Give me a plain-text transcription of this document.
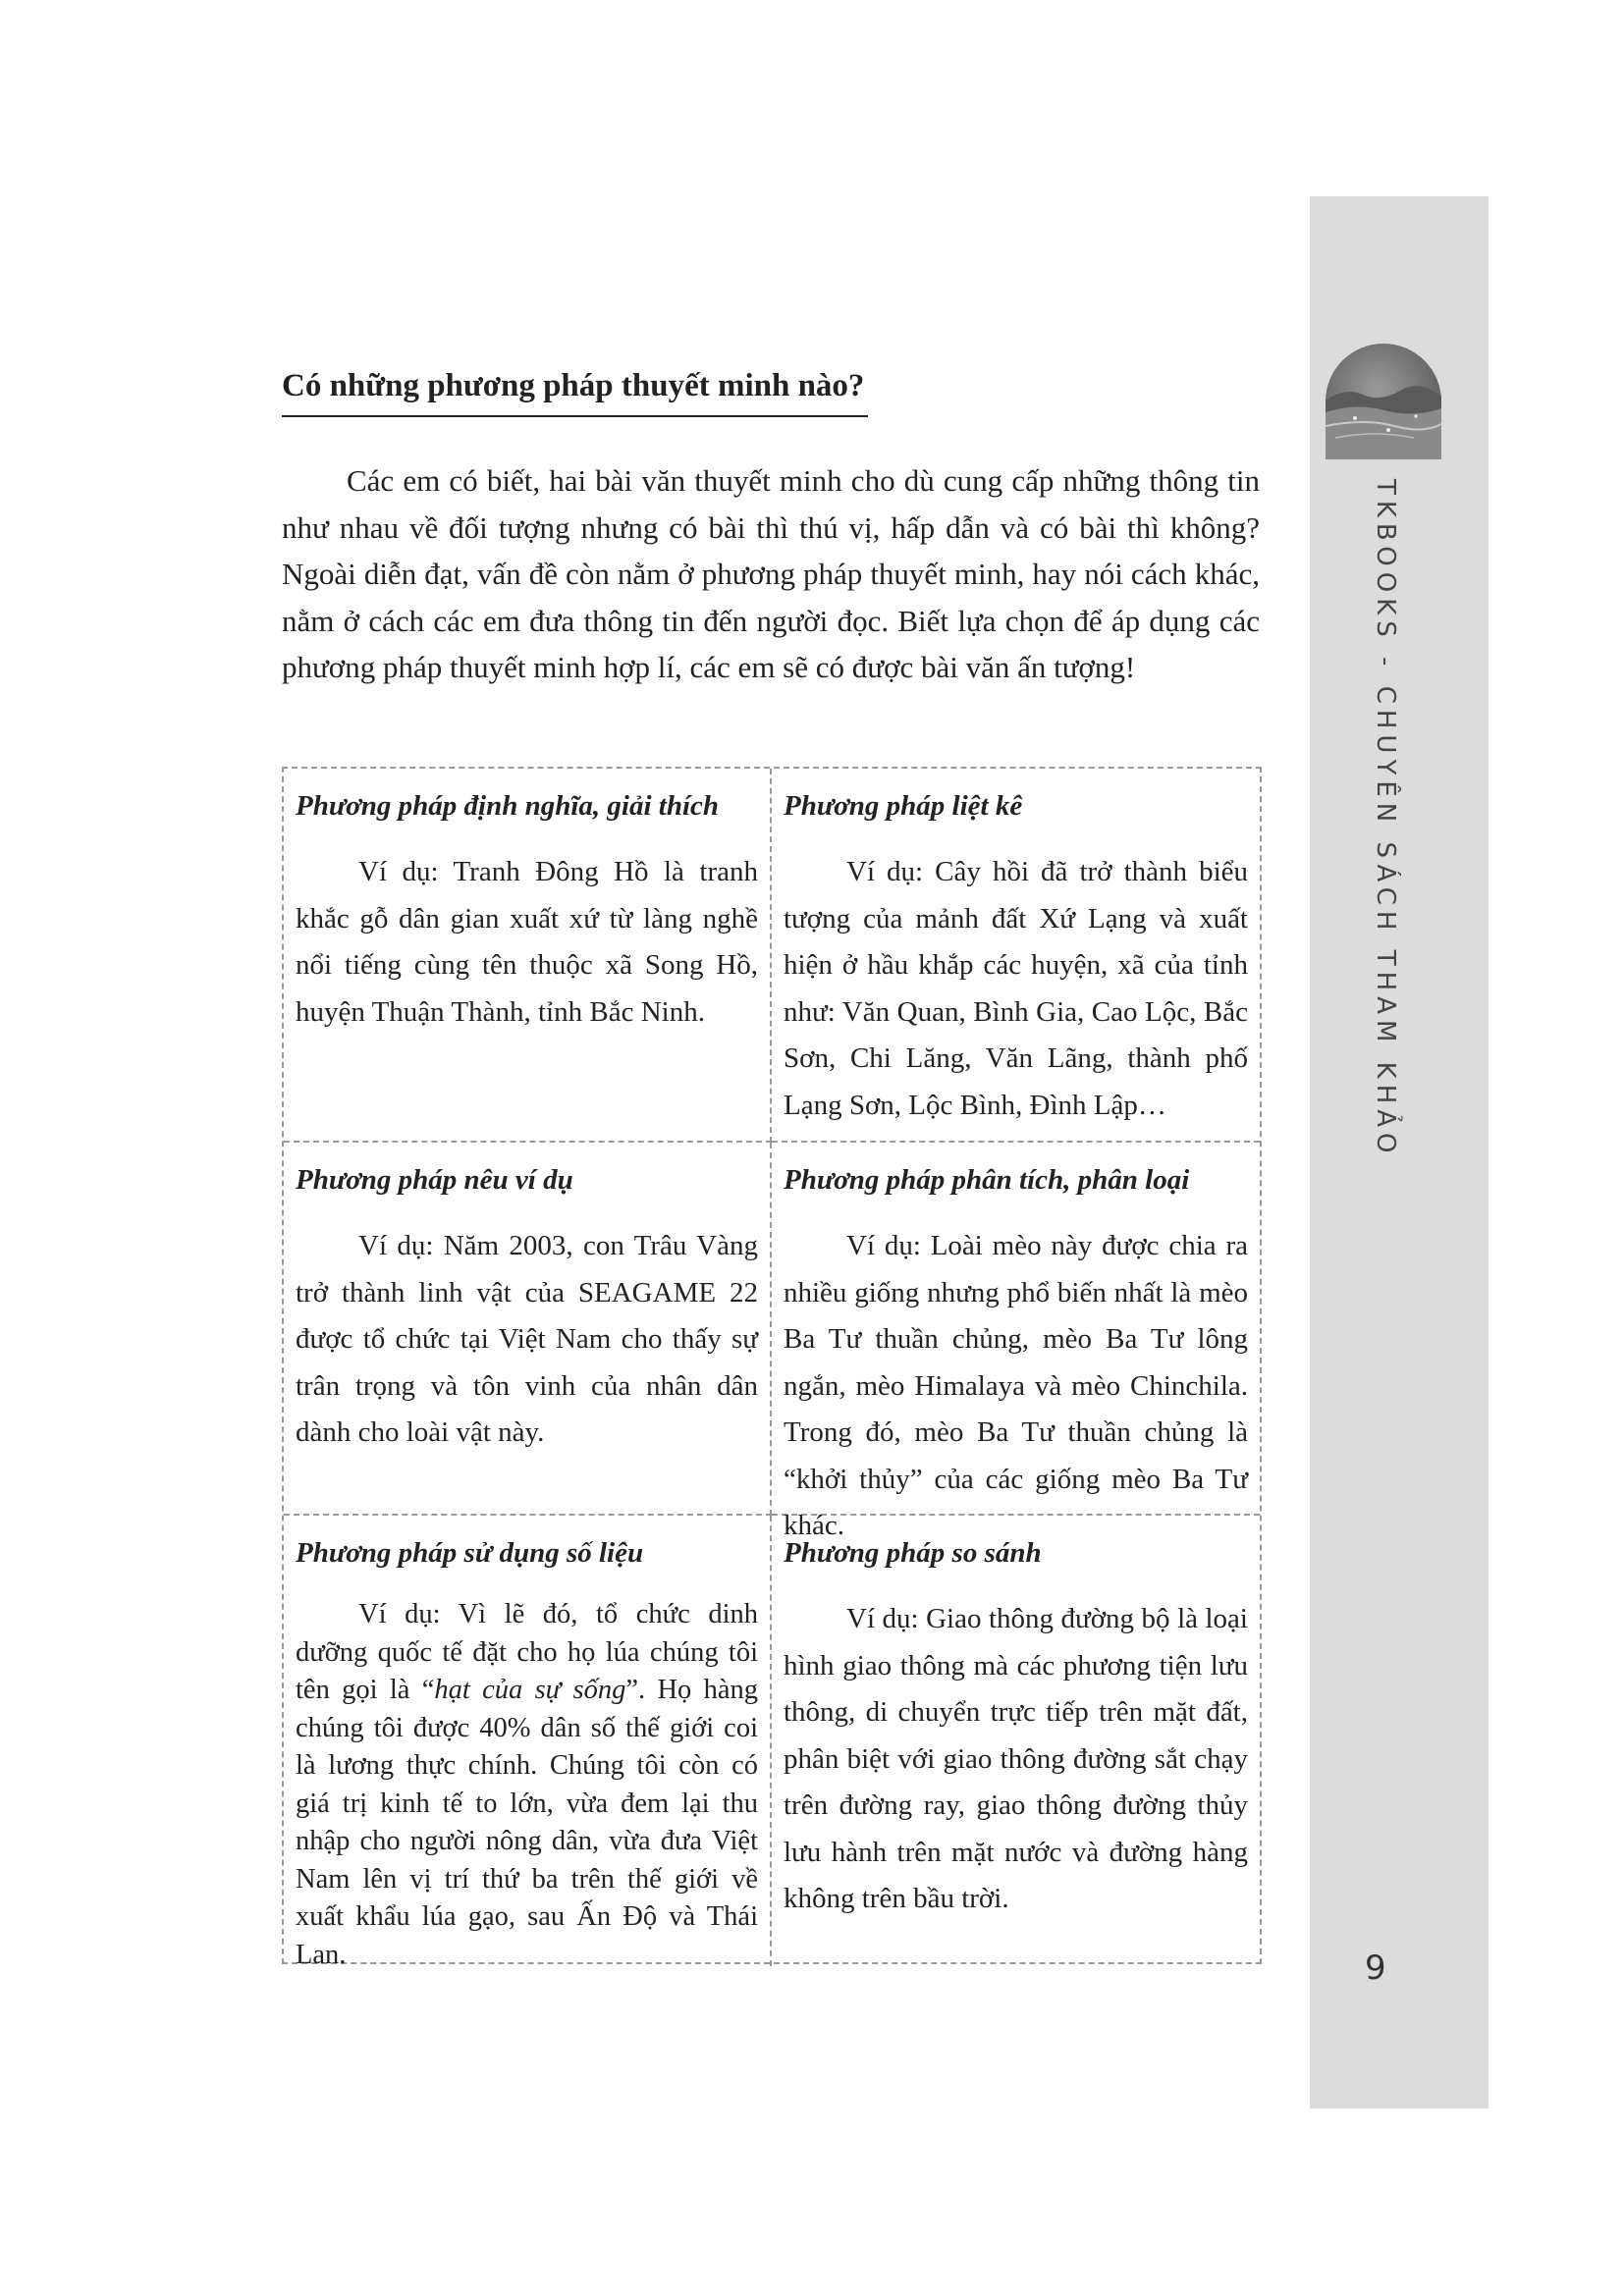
TKBOOKS - CHUYÊN SÁCH THAM KHẢO
9
Có những phương pháp thuyết minh nào?

Các em có biết, hai bài văn thuyết minh cho dù cung cấp những thông tin như nhau về đối tượng nhưng có bài thì thú vị, hấp dẫn và có bài thì không? Ngoài diễn đạt, vấn đề còn nằm ở phương pháp thuyết minh, hay nói cách khác, nằm ở cách các em đưa thông tin đến người đọc. Biết lựa chọn để áp dụng các phương pháp thuyết minh hợp lí, các em sẽ có được bài văn ấn tượng!

Phương pháp định nghĩa, giải thích

Ví dụ: Tranh Đông Hồ là tranh khắc gỗ dân gian xuất xứ từ làng nghề nổi tiếng cùng tên thuộc xã Song Hồ, huyện Thuận Thành, tỉnh Bắc Ninh.

Phương pháp liệt kê

Ví dụ: Cây hồi đã trở thành biểu tượng của mảnh đất Xứ Lạng và xuất hiện ở hầu khắp các huyện, xã của tỉnh như: Văn Quan, Bình Gia, Cao Lộc, Bắc Sơn, Chi Lăng, Văn Lãng, thành phố Lạng Sơn, Lộc Bình, Đình Lập…

Phương pháp nêu ví dụ

Ví dụ: Năm 2003, con Trâu Vàng trở thành linh vật của SEAGAME 22 được tổ chức tại Việt Nam cho thấy sự trân trọng và tôn vinh của nhân dân dành cho loài vật này.

Phương pháp phân tích, phân loại

Ví dụ: Loài mèo này được chia ra nhiều giống nhưng phổ biến nhất là mèo Ba Tư thuần chủng, mèo Ba Tư lông ngắn, mèo Himalaya và mèo Chinchila. Trong đó, mèo Ba Tư thuần chủng là “khởi thủy” của các giống mèo Ba Tư khác.

Phương pháp sử dụng số liệu

Ví dụ: Vì lẽ đó, tổ chức dinh dưỡng quốc tế đặt cho họ lúa chúng tôi tên gọi là “hạt của sự sống”. Họ hàng chúng tôi được 40% dân số thế giới coi là lương thực chính. Chúng tôi còn có giá trị kinh tế to lớn, vừa đem lại thu nhập cho người nông dân, vừa đưa Việt Nam lên vị trí thứ ba trên thế giới về xuất khẩu lúa gạo, sau Ấn Độ và Thái Lan.

Phương pháp so sánh

Ví dụ: Giao thông đường bộ là loại hình giao thông mà các phương tiện lưu thông, di chuyển trực tiếp trên mặt đất, phân biệt với giao thông đường sắt chạy trên đường ray, giao thông đường thủy lưu hành trên mặt nước và đường hàng không trên bầu trời.
